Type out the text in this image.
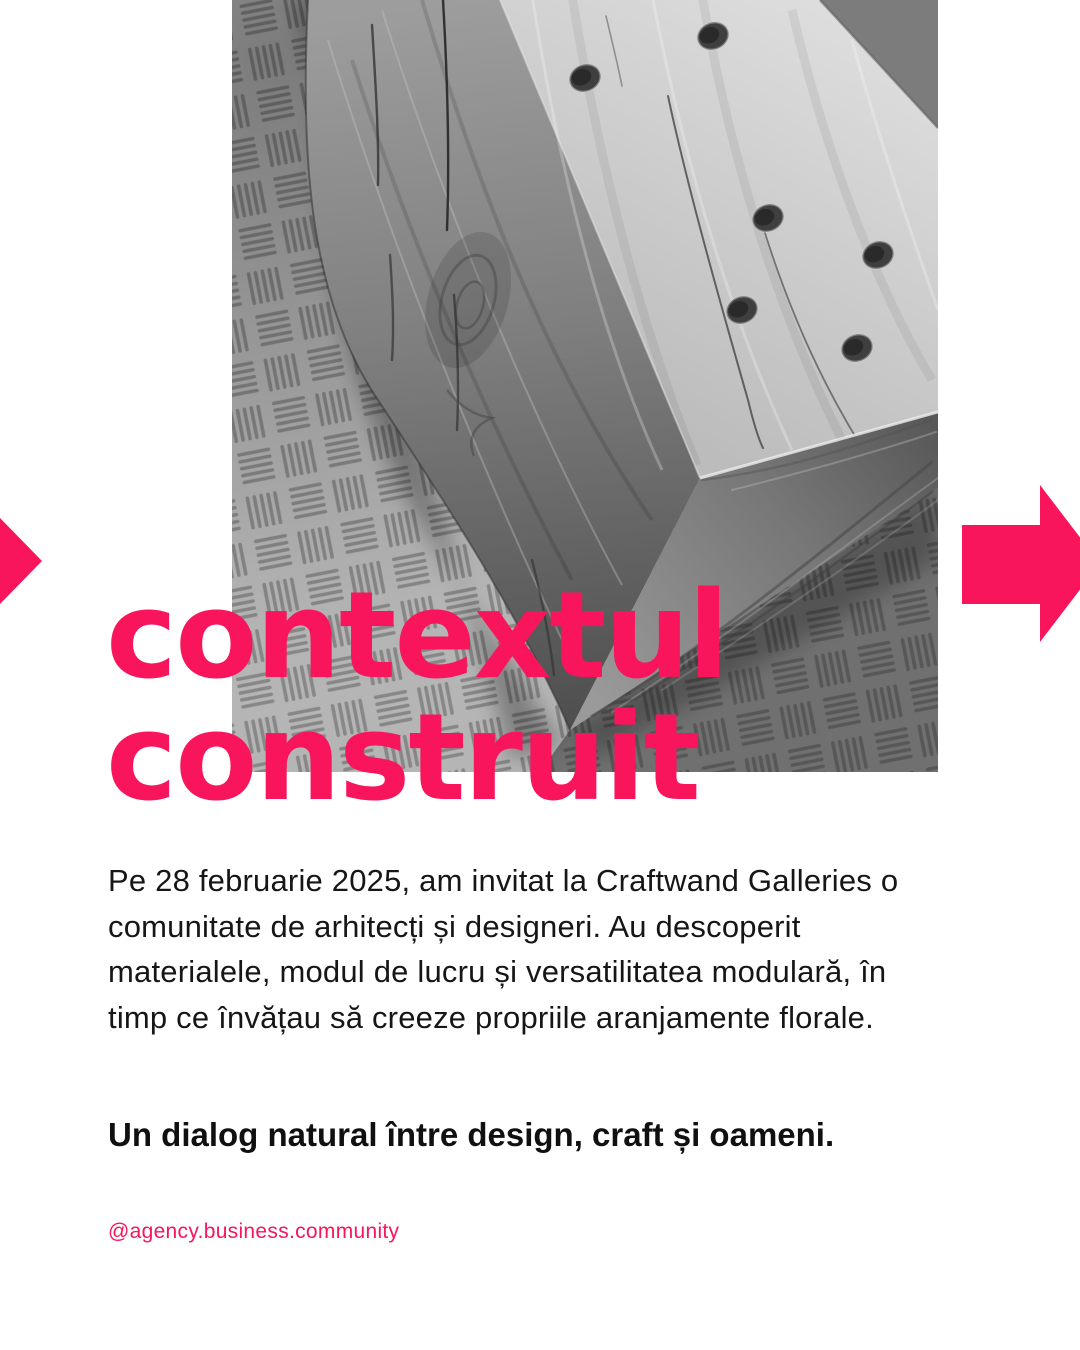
contextul
construit

Pe 28 februarie 2025, am invitat la Craftwand Galleries o comunitate de arhitecți și designeri. Au descoperit materialele, modul de lucru și versatilitatea modulară, în timp ce învățau să creeze propriile aranjamente florale.

Un dialog natural între design, craft și oameni.

@agency.business.community
